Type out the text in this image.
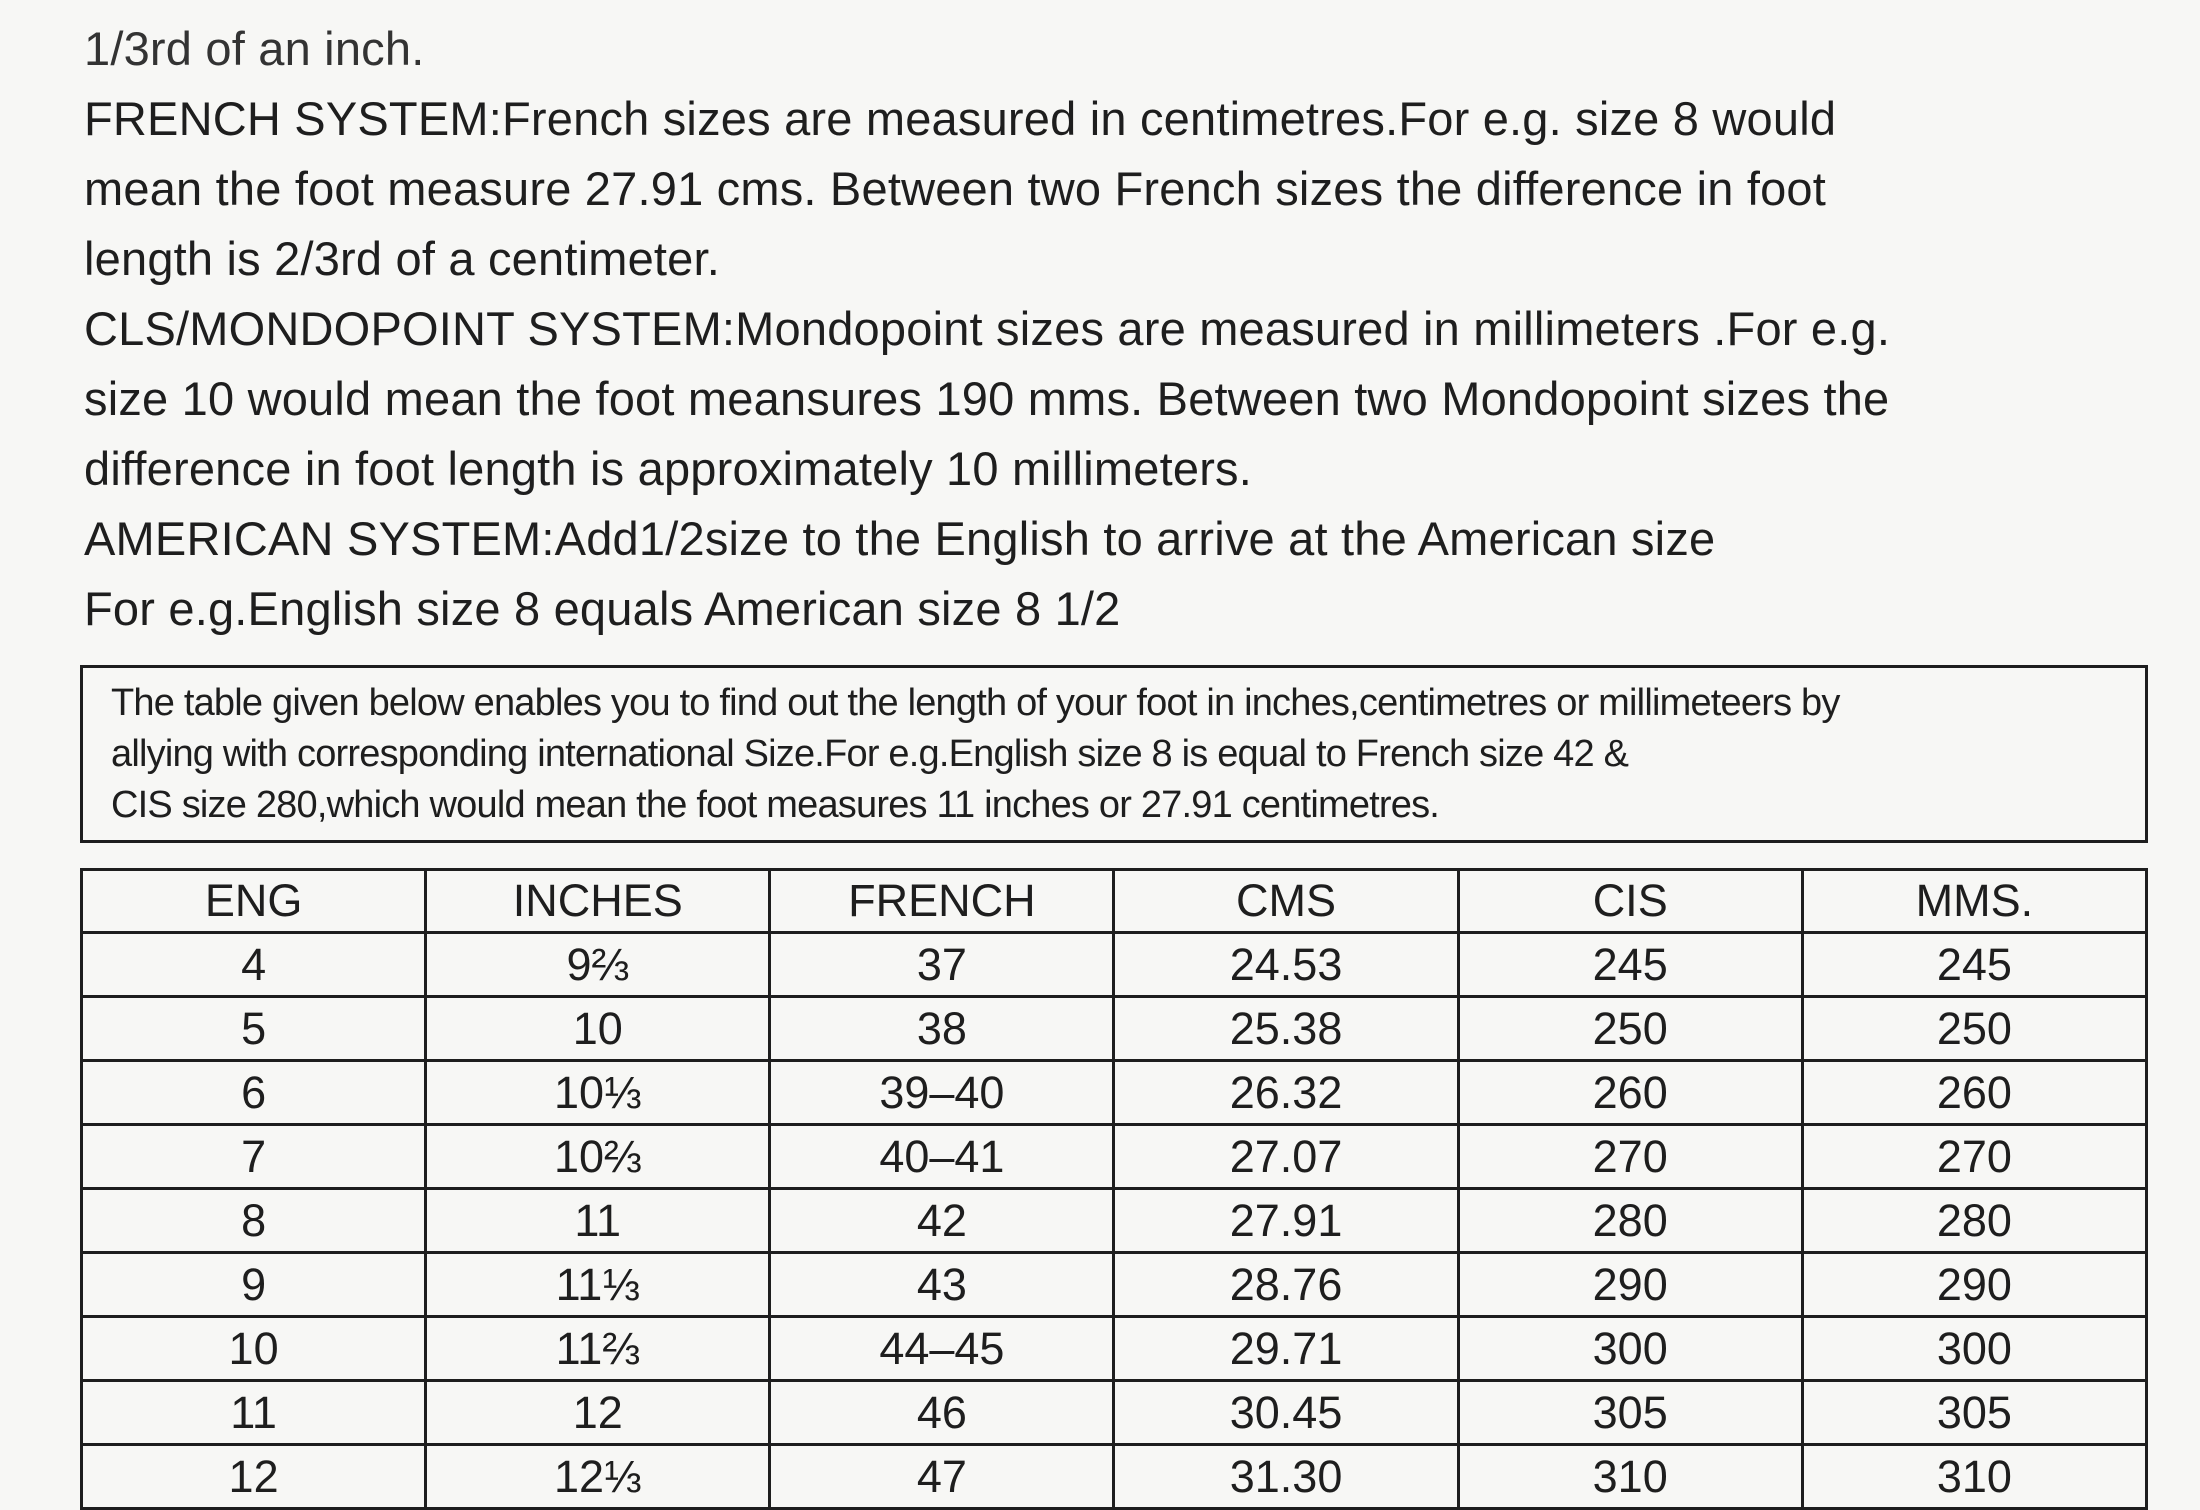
1/3rd of an inch.
FRENCH SYSTEM:French sizes are measured in centimetres.For e.g. size 8 would
mean the foot measure 27.91 cms. Between two French sizes the difference in foot
length is 2/3rd of a centimeter.
CLS/MONDOPOINT SYSTEM:Mondopoint sizes are measured in millimeters .For e.g.
size 10 would mean the foot meansures 190 mms. Between two Mondopoint sizes the
difference in foot length is approximately 10 millimeters.
AMERICAN SYSTEM:Add1/2size to the English to arrive at the American size
For e.g.English size 8 equals American size 8 1/2
The table given below enables you to find out the length of your foot in inches,centimetres or millimeteers by
allying with corresponding international Size.For e.g.English size 8 is equal to French size 42 &
CIS size 280,which would mean the foot measures 11 inches or 27.91 centimetres.
ENG	INCHES	FRENCH	CMS	CIS	MMS.
4	9⅔	37	24.53	245	245
5	10	38	25.38	250	250
6	10⅓	39–40	26.32	260	260
7	10⅔	40–41	27.07	270	270
8	11	42	27.91	280	280
9	11⅓	43	28.76	290	290
10	11⅔	44–45	29.71	300	300
11	12	46	30.45	305	305
12	12⅓	47	31.30	310	310
